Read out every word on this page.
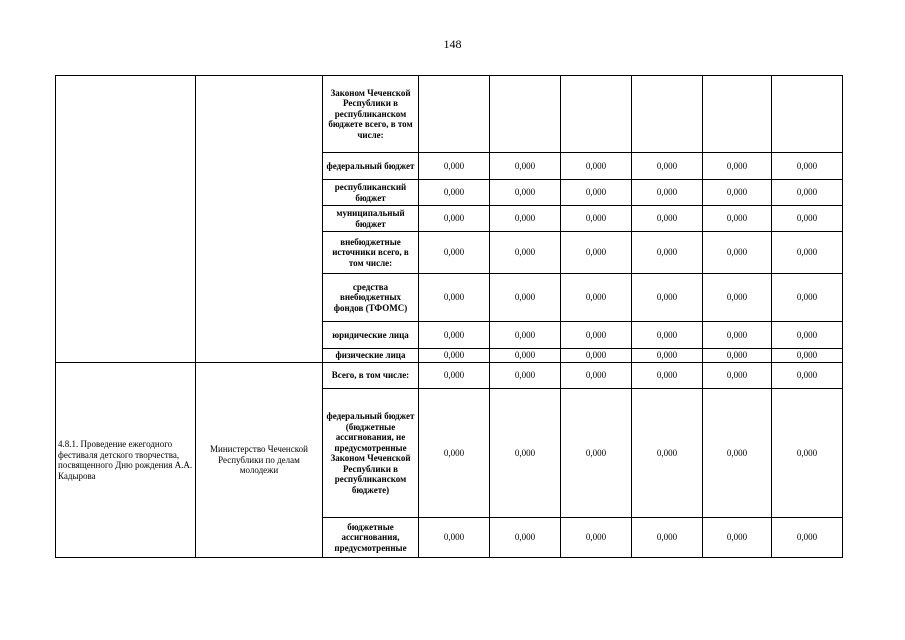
148
		Законом Чеченской Республики в республиканском бюджете всего, в том числе:						
		федеральный бюджет	0,000	0,000	0,000	0,000	0,000	0,000
		республиканский бюджет	0,000	0,000	0,000	0,000	0,000	0,000
		муниципальный бюджет	0,000	0,000	0,000	0,000	0,000	0,000
		внебюджетные источники всего, в том числе:	0,000	0,000	0,000	0,000	0,000	0,000
		средства внебюджетных фондов (ТФОМС)	0,000	0,000	0,000	0,000	0,000	0,000
		юридические лица	0,000	0,000	0,000	0,000	0,000	0,000
		физические лица	0,000	0,000	0,000	0,000	0,000	0,000
4.8.1. Проведение ежегодного фестиваля детского творчества, посвященного Дню рождения А.А. Кадырова	Министерство Чеченской Республики по делам молодежи	Всего, в том числе:	0,000	0,000	0,000	0,000	0,000	0,000
		федеральный бюджет (бюджетные ассигнования, не предусмотренные Законом Чеченской Республики в республиканском бюджете)	0,000	0,000	0,000	0,000	0,000	0,000
		бюджетные ассигнования, предусмотренные	0,000	0,000	0,000	0,000	0,000	0,000
